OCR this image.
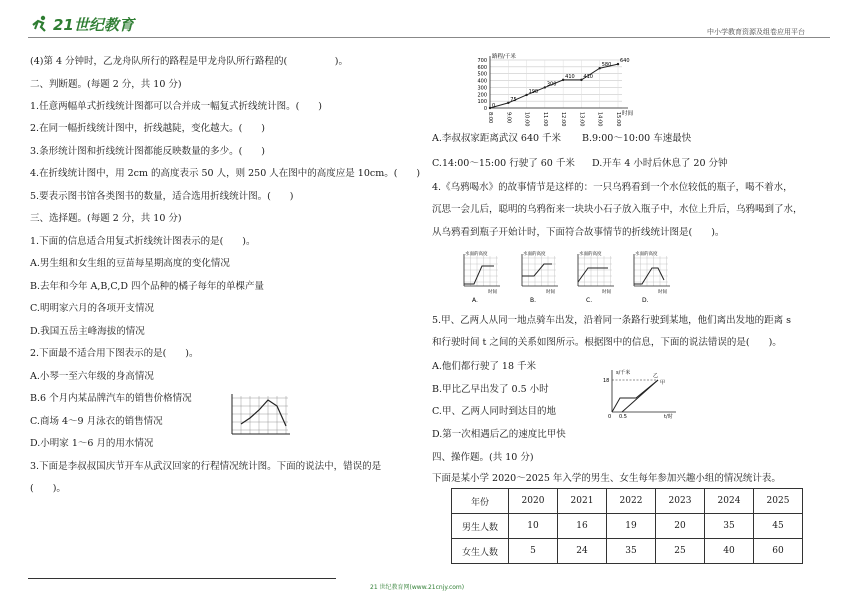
21世纪教育	中小学教育资源及组卷应用平台
(4)第 4 分钟时，乙龙舟队所行的路程是甲龙舟队所行路程的(　　　　　)。
二、判断题。(每题 2 分，共 10 分)
1.任意两幅单式折线统计图都可以合并成一幅复式折线统计图。(　　)
2.在同一幅折线统计图中，折线越陡，变化越大。(　　)
3.条形统计图和折线统计图都能反映数量的多少。(　　)
4.在折线统计图中，用 2cm 的高度表示 50 人，则 250 人在图中的高度应是 10cm。(　　)
5.要表示图书馆各类图书的数量，适合选用折线统计图。(　　)
三、选择题。(每题 2 分，共 10 分)
1.下面的信息适合用复式折线统计图表示的是(　　)。
A.男生组和女生组的豆苗每星期高度的变化情况
B.去年和今年 A,B,C,D 四个品种的橘子每年的单棵产量
C.明明家六月的各项开支情况
D.我国五岳主峰海拔的情况
2.下面最不适合用下图表示的是(　　)。
A.小琴一至六年级的身高情况
B.6 个月内某品牌汽车的销售价格情况
C.商场 4～9 月泳衣的销售情况
D.小明家 1～6 月的用水情况
3.下面是李叔叔国庆节开车从武汉回家的行程情况统计图。下面的说法中，错误的是
(　　)。
700
600
500
400
300
200
100
0
8:00 9:00 10:00 11:00 12:00 13:00 14:00 15:00
路程/千米
时间
0
75
190
300
410 410
580
640
A.李叔叔家距离武汉 640 千米 B.9:00～10:00 车速最快
C.14:00～15:00 行驶了 60 千米 D.开车 4 小时后休息了 20 分钟
4.《乌鸦喝水》的故事情节是这样的：一只乌鸦看到一个水位较低的瓶子，喝不着水，
沉思一会儿后，聪明的乌鸦衔来一块块小石子放入瓶子中，水位上升后，乌鸦喝到了水，
从乌鸦看到瓶子开始计时，下面符合故事情节的折线统计图是(　　)。
水面的高度
时间
A.
水面的高度
时间
B.
水面的高度
时间
C.
水面的高度
时间
D.
5.甲、乙两人从同一地点骑车出发，沿着同一条路行驶到某地，他们离出发地的距离 s
和行驶时间 t 之间的关系如图所示。根据图中的信息，下面的说法错误的是(　　)。
A.他们都行驶了 18 千米
B.甲比乙早出发了 0.5 小时
C.甲、乙两人同时到达目的地
D.第一次相遇后乙的速度比甲快
s/千米
18	甲
乙
0 0.5	t/时
四、操作题。(共 10 分)
下面是某小学 2020～2025 年入学的男生、女生每年参加兴趣小组的情况统计表。
年份	2020	2021	2022	2023	2024	2025
男生人数	10	16	19	20	35	45
女生人数	5	24	35	25	40	60
21 世纪教育网(www.21cnjy.com)
